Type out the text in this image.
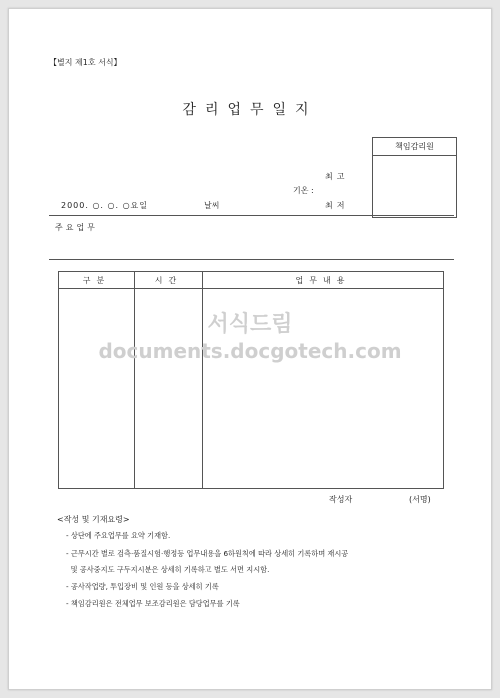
【별지 제1호 서식】
감리업무일지
책임감리원
최고
기온 :
최저
2000. ○. ○. ○요일	날씨
주요업무
구분	시간	업무내용

서식드림
documents.docgotech.com
작성자	(서명)
<작성 및 기재요령>
- 상단에 주요업무를 요약 기재함.
- 근무시간 별로 검측·품질시험·행정등 업무내용을 6하원칙에 따라 상세히 기록하며 재시공
및 공사중지도 구두지시분은 상세히 기록하고 별도 서면 지시함.
- 공사작업량, 투입장비 및 인원 등을 상세히 기록
- 책임감리원은 전체업무 보조감리원은 담당업무를 기록
